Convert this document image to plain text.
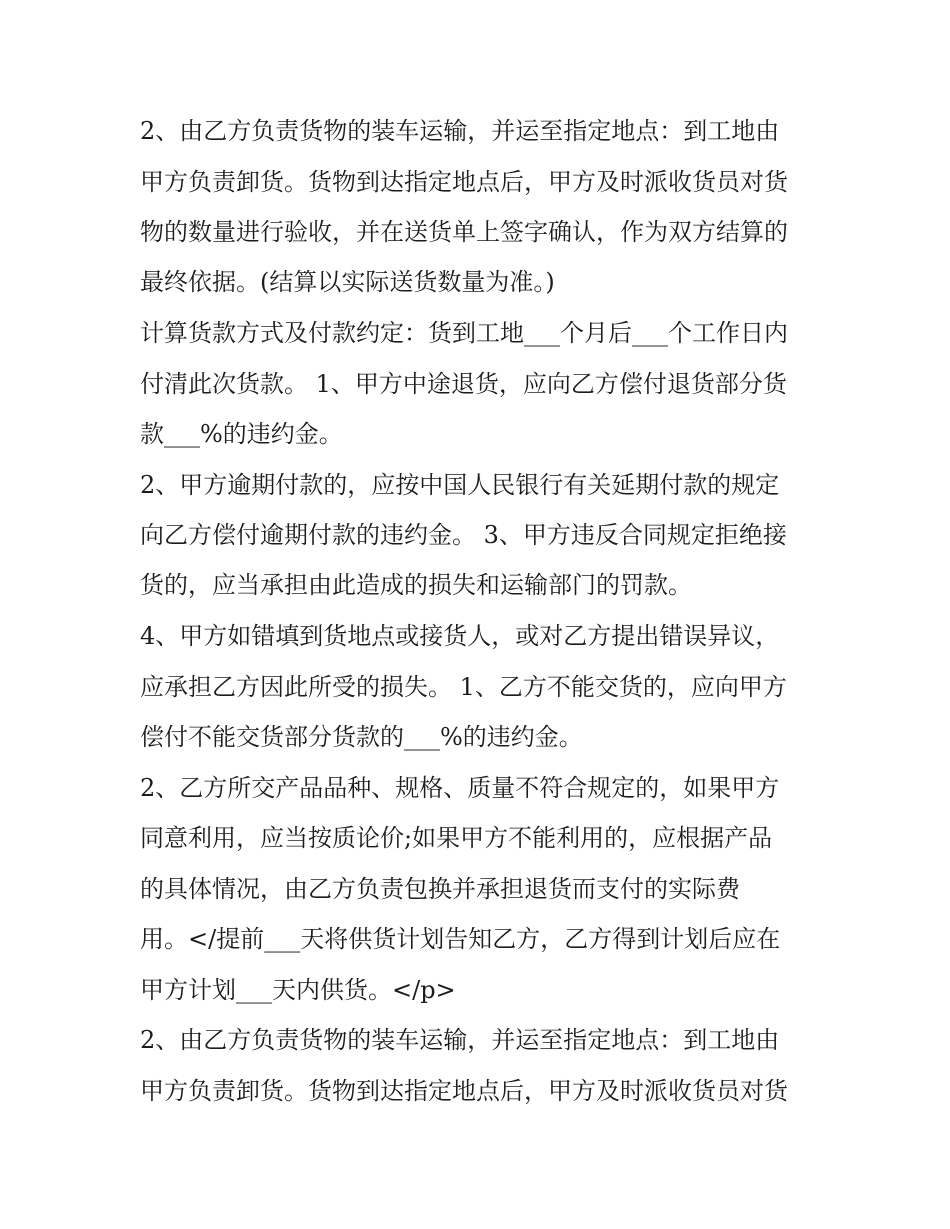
2、由乙方负责货物的装车运输，并运至指定地点：到工地由
甲方负责卸货。货物到达指定地点后，甲方及时派收货员对货
物的数量进行验收，并在送货单上签字确认，作为双方结算的
最终依据。(结算以实际送货数量为准。)
计算货款方式及付款约定：货到工地___个月后___个工作日内
付清此次货款。 1、甲方中途退货，应向乙方偿付退货部分货
款___%的违约金。
2、甲方逾期付款的，应按中国人民银行有关延期付款的规定
向乙方偿付逾期付款的违约金。 3、甲方违反合同规定拒绝接
货的，应当承担由此造成的损失和运输部门的罚款。
4、甲方如错填到货地点或接货人，或对乙方提出错误异议，
应承担乙方因此所受的损失。 1、乙方不能交货的，应向甲方
偿付不能交货部分货款的___%的违约金。
2、乙方所交产品品种、规格、质量不符合规定的，如果甲方
同意利用，应当按质论价;如果甲方不能利用的，应根据产品
的具体情况，由乙方负责包换并承担退货而支付的实际费
用。</提前___天将供货计划告知乙方，乙方得到计划后应在
甲方计划___天内供货。</p>
2、由乙方负责货物的装车运输，并运至指定地点：到工地由
甲方负责卸货。货物到达指定地点后，甲方及时派收货员对货
